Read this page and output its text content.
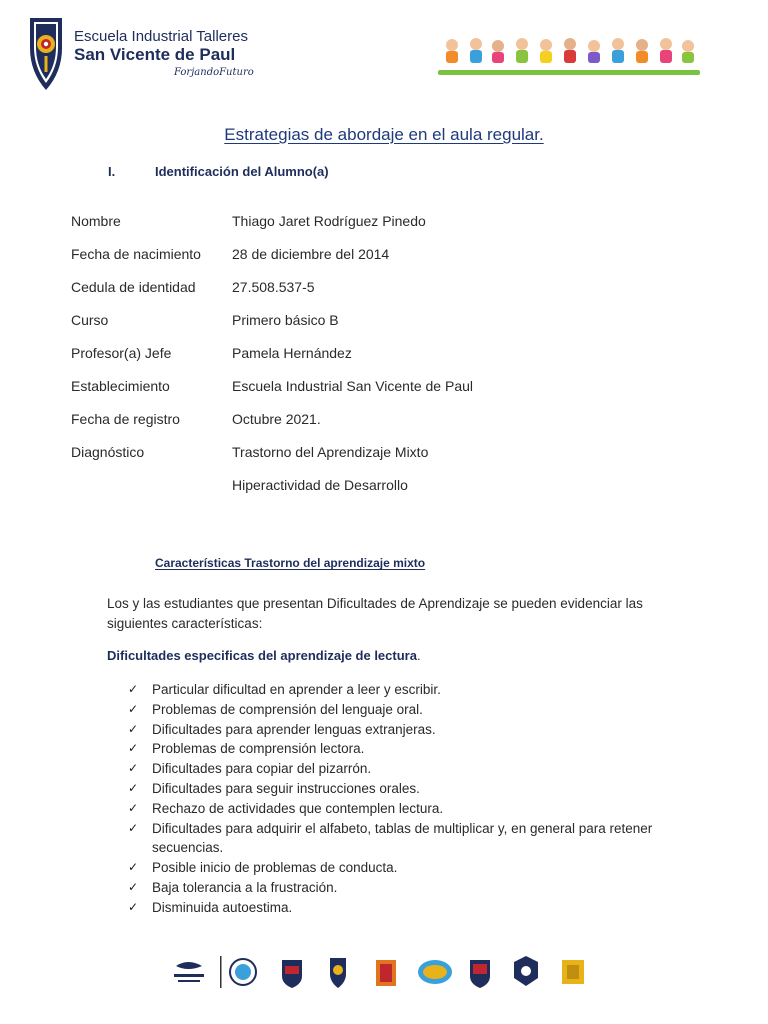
Escuela Industrial Talleres
San Vicente de Paul
ForjandoFuturo
Estrategias de abordaje en el aula regular.
I.	Identificación del Alumno(a)
Nombre	Thiago Jaret Rodríguez Pinedo
Fecha de nacimiento	28 de diciembre del 2014
Cedula de identidad	27.508.537-5
Curso	Primero básico B
Profesor(a) Jefe	Pamela Hernández
Establecimiento	Escuela Industrial San Vicente de Paul
Fecha de registro	Octubre 2021.
Diagnóstico	Trastorno del Aprendizaje Mixto
Hiperactividad de Desarrollo
Características Trastorno del aprendizaje mixto
Los y las estudiantes que presentan Dificultades de Aprendizaje se pueden evidenciar las siguientes características:
Dificultades especificas del aprendizaje de lectura.
✓	Particular dificultad en aprender a leer y escribir.
✓	Problemas de comprensión del lenguaje oral.
✓	Dificultades para aprender lenguas extranjeras.
✓	Problemas de comprensión lectora.
✓	Dificultades para copiar del pizarrón.
✓	Dificultades para seguir instrucciones orales.
✓	Rechazo de actividades que contemplen lectura.
✓	Dificultades para adquirir el alfabeto, tablas de multiplicar y, en general para retener secuencias.
✓	Posible inicio de problemas de conducta.
✓	Baja tolerancia a la frustración.
✓	Disminuida autoestima.
